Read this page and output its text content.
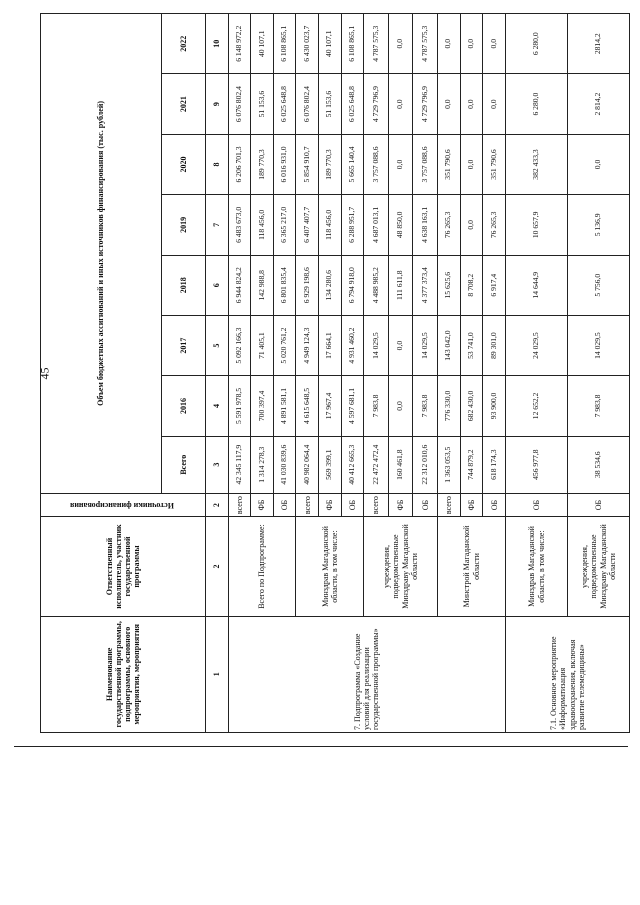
45
Наименование государственной программы, подпрограммы, основного мероприятия, мероприятия	Ответственный исполнитель, участник государственной программы	Источники финансирования	Объем бюджетных ассигнований и иных источников финансирования (тыс. рублей)							
			Всего	2016	2017	2018	2019	2020	2021	2022
1	2	2	3	4	5	6	7	8	9	10
7. Подпрограмма «Создание условий для реализации государственной программы»	Всего по Подпрограмме:	всего	42 345 117,9	5 591 978,5	5 092 166,3	6 944 824,2	6 483 673,0	6 206 701,3	6 076 802,4	6 148 972,2
		ФБ	1 314 278,3	700 397,4	71 405,1	142 988,8	118 456,0	189 770,3	51 153,6	40 107,1
		ОБ	41 030 839,6	4 891 581,1	5 020 761,2	6 801 835,4	6 365 217,0	6 016 931,0	6 025 648,8	6 108 865,1
	Минздрав Магаданской области, в том числе:	всего	40 982 064,4	4 615 648,5	4 949 124,3	6 929 198,6	6 407 407,7	5 854 910,7	6 076 802,4	6 430 023,7
		ФБ	569 399,1	17 967,4	17 664,1	134 280,6	118 456,0	189 770,3	51 153,6	40 107,1
		ОБ	40 412 665,3	4 597 681,1	4 931 460,2	6 794 918,0	6 288 951,7	5 665 140,4	6 025 648,8	6 108 865,1
	учреждения, подведомственные Минздраву Магаданской области	всего	22 472 472,4	7 983,8	14 029,5	4 488 985,2	4 687 013,1	3 757 088,6	4 729 796,9	4 787 575,3
		ФБ	160 461,8	0,0	0,0	111 611,8	48 850,0	0,0	0,0	0,0
		ОБ	22 312 010,6	7 983,8	14 029,5	4 377 373,4	4 638 163,1	3 757 088,6	4 729 796,9	4 787 575,3
	Минстрой Магаданской области	всего	1 363 053,5	776 330,0	143 042,0	15 625,6	76 265,3	351 790,6	0,0	0,0
		ФБ	744 879,2	682 430,0	53 741,0	8 708,2	0,0	0,0	0,0	0,0
		ОБ	618 174,3	93 900,0	89 301,0	6 917,4	76 265,3	351 790,6	0,0	0,0
7.1. Основное мероприятие «Информатизация здравоохранения, включая развитие телемедицины»	Минздрав Магаданской области, в том числе:	ОБ	456 977,8	12 652,2	24 029,5	14 644,9	10 657,9	382 433,3	6 280,0	6 280,0
	учреждения, подведомственные Минздраву Магаданской области	ОБ	38 534,6	7 983,8	14 029,5	5 756,0	5 136,9	0,0	2 814,2	2814,2
